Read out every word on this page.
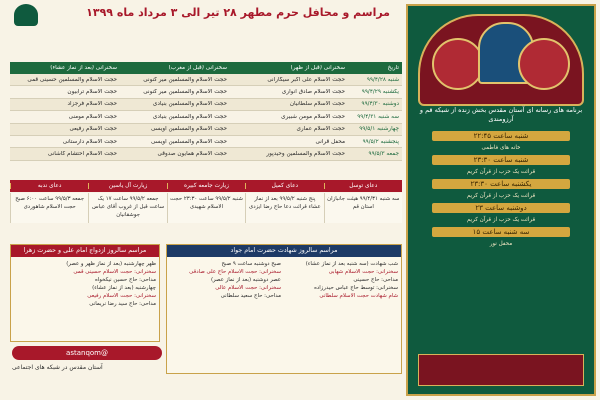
برنامه های رسانه ای آستان مقدس بخش زنده از شبکه قم و آرزومندی
شنبه ساعت ۲۲:۴۵
خانه های فاطمی
شنبه ساعت ۲۳:۳۰
قرائت یک حزب از قرآن کریم
یکشنبه ساعت ۲۳:۳۰
قرائت یک حزب از قرآن کریم
دوشنبه ساعت ۲۳
قرائت یک حزب از قرآن کریم
سه شنبه ساعت ۱۵
محفل نور
مراسم و محافل حرم مطهر ۲۸ تیر الی ۳ مرداد ماه ۱۳۹۹
تاریخ
سخنرانی (قبل از ظهر)
سخنرانی (قبل از مغرب)
سخنرانی (بعد از نماز عشاء)
شنبه ۹۹/۴/۲۸
حجت الاسلام علی اکبر سیگارانی
حجت الاسلام والمسلمین میر کنونی
حجت الاسلام والمسلمین حسینی قمی
یکشنبه ۹۹/۴/۲۹
حجت الاسلام صادق انواری
حجت الاسلام والمسلمین میر کنونی
حجت الاسلام ترابیون
دوشنبه ۹۹/۴/۳۰
حجت الاسلام سلطانیان
حجت الاسلام والمسلمین بنیادی
حجت الاسلام فرجزاد
سه شنبه ۹۹/۴/۳۱
حجت الاسلام مومن شبیری
حجت الاسلام والمسلمین بنیادی
حجت الاسلام مومنی
چهارشنبه ۹۹/۵/۱
حجت الاسلام عماری
حجت الاسلام والمسلمین اویسی
حجت الاسلام رفیعی
پنجشنبه ۹۹/۵/۲
محفل قرآنی
حجت الاسلام والمسلمین اویسی
حجت الاسلام دارستانی
جمعه ۹۹/۵/۳
حجت الاسلام والمسلمین وحیدپور
حجت الاسلام همایون صدوقی
حجت الاسلام احتشام کاشانی
دعای توسل
دعای کمیل
زیارت جامعه کبیره
زیارت آل یاسین
دعای ندبه
سه شنبه ۹۹/۴/۳۱ هیئت جانبازان استان قم
پنج شنبه ۹۹/۵/۲ بعد از نماز عشاء قرائت دعا حاج رضا ایزدی
شنبه ۹۹/۵/۲ ساعت ۲۳:۳۰ حجت الاسلام شهیدی
جمعه ۹۹/۵/۲ ساعت ۱۷ یک ساعت قبل از غروب آقای عباس جوشقانیان
جمعه ۹۹/۵/۳ ساعت ۶:۰۰ صبح حجت الاسلام شاهوردی
مراسم سالروز ازدواج امام علی و حضرت زهرا
ظهر چهارشنبه (بعد از نماز ظهر و عصر)
سخنرانی: حجت الاسلام حسینی قمی
مداحی: حاج حسین نیکخواه
چهارشنبه (بعد از نماز عشاء)
سخنرانی: حجت الاسلام رفیعی
مداحی: حاج سید رضا نریمانی
مراسم سالروز شهادت حضرت امام جواد
شب شهادت (سه شنبه بعد از نماز عشاء)
سخنرانی: حجت الاسلام شهابی
مداحی: حاج حسینی
سخنرانی: توسط حاج عباس حیدرزاده
شام شهادت حجت الاسلام سلطانی
صبح دوشنبه ساعت ۹ صبح
سخنرانی: حجت الاسلام حاج علی صادقی
عصر دوشنبه (بعد از نماز عصر)
سخنرانی: حجت الاسلام عالی
مداحی: حاج سعید سلطانی
@astanqom
آستان مقدس در شبکه های اجتماعی
